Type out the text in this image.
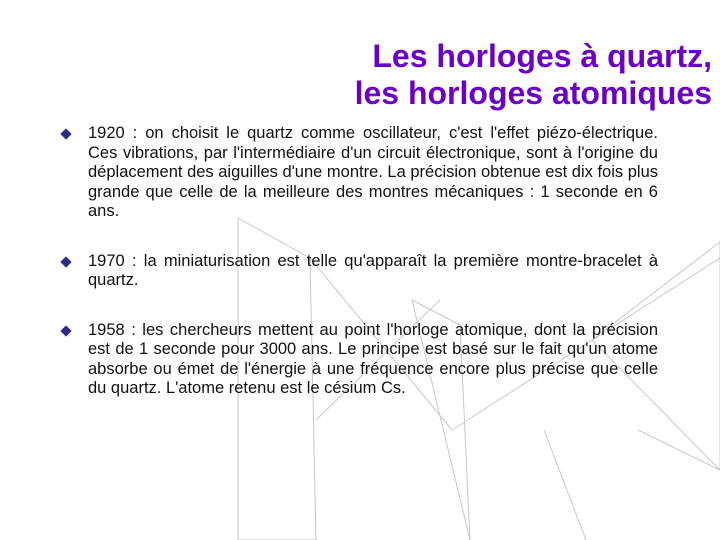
Les horloges à quartz,
les horloges atomiques
1920 : on choisit le quartz comme oscillateur, c'est l'effet piézo-électrique. Ces vibrations, par l'intermédiaire d'un circuit électronique, sont à l'origine du déplacement des aiguilles d'une montre. La précision obtenue est dix fois plus grande que celle de la meilleure des montres mécaniques : 1 seconde en 6 ans.
1970 : la miniaturisation est telle qu'apparaît la première montre-bracelet à quartz.
1958 : les chercheurs mettent au point l'horloge atomique, dont la précision est de 1 seconde pour 3000 ans. Le principe est basé sur le fait qu'un atome absorbe ou émet de l'énergie à une fréquence encore plus précise que celle du quartz. L'atome retenu est le césium Cs.
